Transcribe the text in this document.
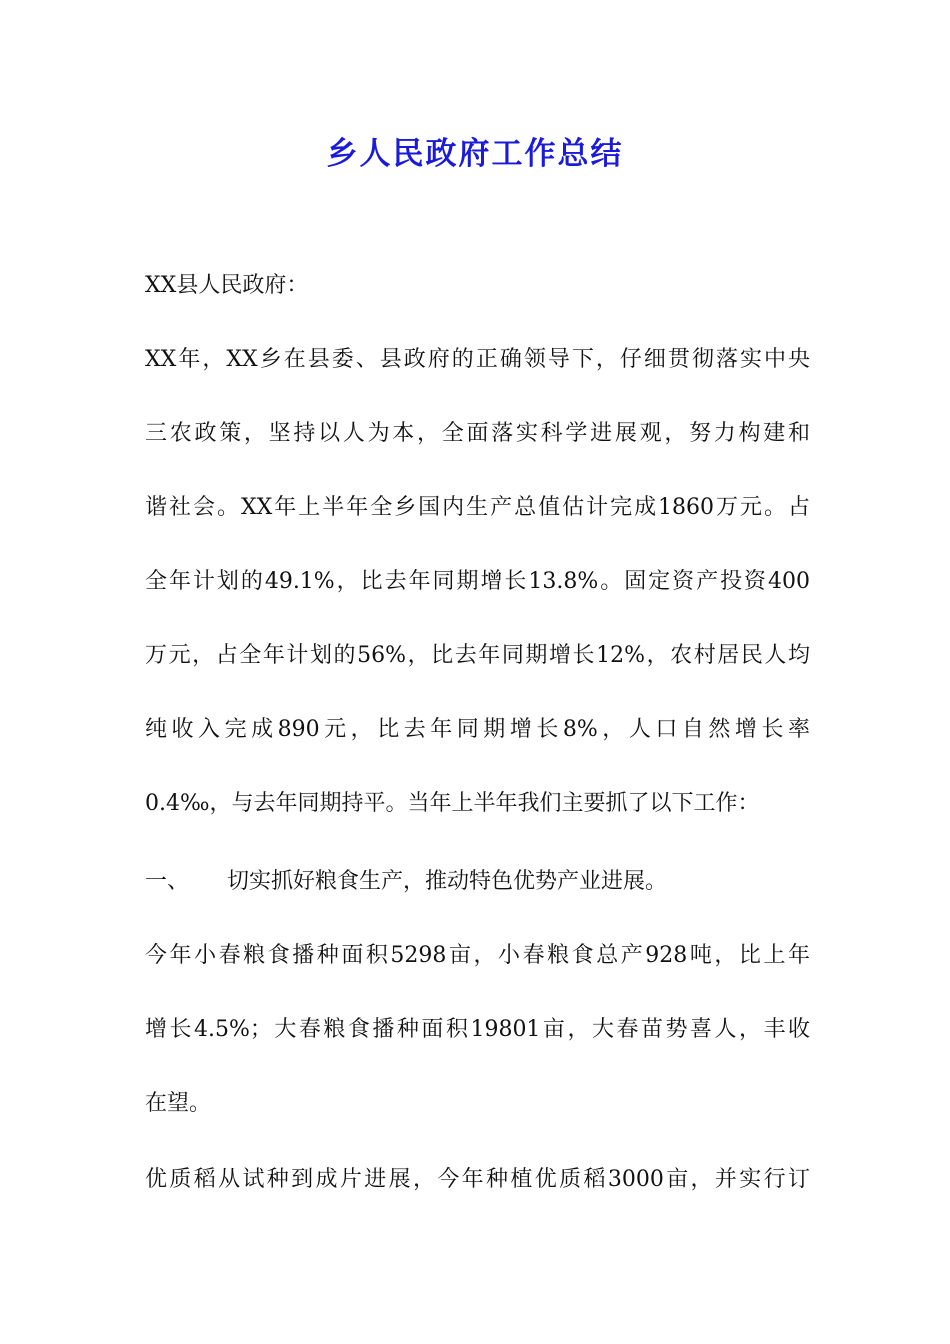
乡人民政府工作总结
XX县人民政府：
XX年，XX乡在县委、县政府的正确领导下，仔细贯彻落实中央
三农政策，坚持以人为本，全面落实科学进展观，努力构建和
谐社会。XX年上半年全乡国内生产总值估计完成1860万元。占
全年计划的49.1%，比去年同期增长13.8%。固定资产投资400
万元，占全年计划的56%，比去年同期增长12%，农村居民人均
纯收入完成890元，比去年同期增长8%，人口自然增长率
0.4‰，与去年同期持平。当年上半年我们主要抓了以下工作：
一、 切实抓好粮食生产，推动特色优势产业进展。
今年小春粮食播种面积5298亩，小春粮食总产928吨，比上年
增长4.5%；大春粮食播种面积19801亩，大春苗势喜人，丰收
在望。
优质稻从试种到成片进展，今年种植优质稻3000亩，并实行订
